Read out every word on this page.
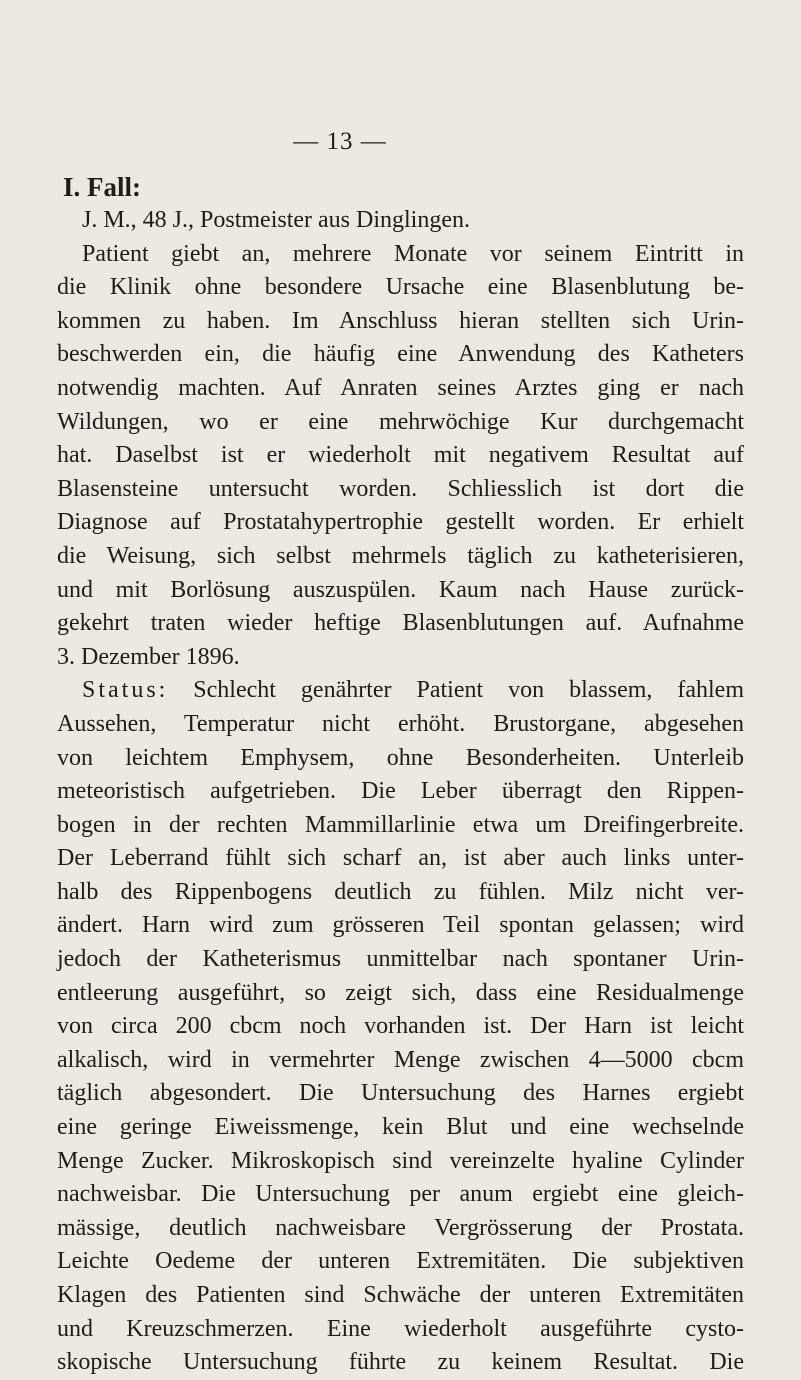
— 13 —
I. Fall:
J. M., 48 J., Postmeister aus Dinglingen.
Patient giebt an, mehrere Monate vor seinem Eintritt in
die Klinik ohne besondere Ursache eine Blasenblutung be-
kommen zu haben. Im Anschluss hieran stellten sich Urin-
beschwerden ein, die häufig eine Anwendung des Katheters
notwendig machten. Auf Anraten seines Arztes ging er nach
Wildungen, wo er eine mehrwöchige Kur durchgemacht
hat. Daselbst ist er wiederholt mit negativem Resultat auf
Blasensteine untersucht worden. Schliesslich ist dort die
Diagnose auf Prostatahypertrophie gestellt worden. Er erhielt
die Weisung, sich selbst mehrmels täglich zu katheterisieren,
und mit Borlösung auszuspülen. Kaum nach Hause zurück-
gekehrt traten wieder heftige Blasenblutungen auf. Aufnahme
3. Dezember 1896.
Status: Schlecht genährter Patient von blassem, fahlem
Aussehen, Temperatur nicht erhöht. Brustorgane, abgesehen
von leichtem Emphysem, ohne Besonderheiten. Unterleib
meteoristisch aufgetrieben. Die Leber überragt den Rippen-
bogen in der rechten Mammillarlinie etwa um Dreifingerbreite.
Der Leberrand fühlt sich scharf an, ist aber auch links unter-
halb des Rippenbogens deutlich zu fühlen. Milz nicht ver-
ändert. Harn wird zum grösseren Teil spontan gelassen; wird
jedoch der Katheterismus unmittelbar nach spontaner Urin-
entleerung ausgeführt, so zeigt sich, dass eine Residualmenge
von circa 200 cbcm noch vorhanden ist. Der Harn ist leicht
alkalisch, wird in vermehrter Menge zwischen 4—5000 cbcm
täglich abgesondert. Die Untersuchung des Harnes ergiebt
eine geringe Eiweissmenge, kein Blut und eine wechselnde
Menge Zucker. Mikroskopisch sind vereinzelte hyaline Cylinder
nachweisbar. Die Untersuchung per anum ergiebt eine gleich-
mässige, deutlich nachweisbare Vergrösserung der Prostata.
Leichte Oedeme der unteren Extremitäten. Die subjektiven
Klagen des Patienten sind Schwäche der unteren Extremitäten
und Kreuzschmerzen. Eine wiederholt ausgeführte cysto-
skopische Untersuchung führte zu keinem Resultat. Die
